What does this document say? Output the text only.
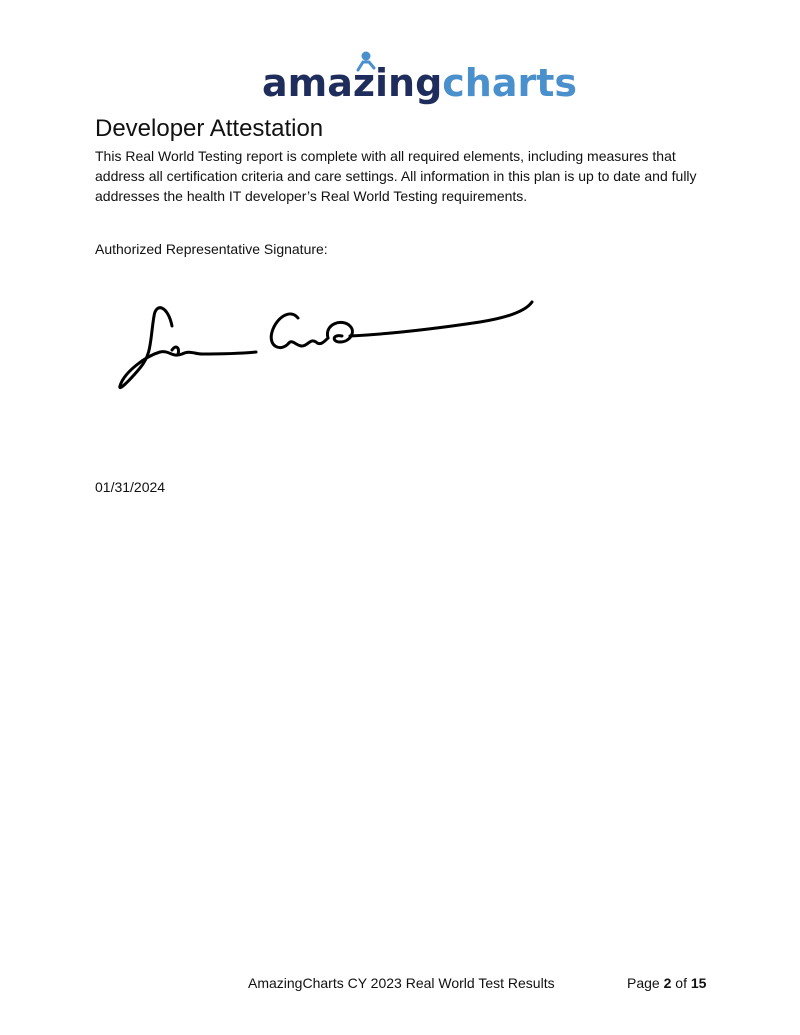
amazingcharts
Developer Attestation

This Real World Testing report is complete with all required elements, including measures that address all certification criteria and care settings. All information in this plan is up to date and fully addresses the health IT developer’s Real World Testing requirements.

Authorized Representative Signature:

01/31/2024

AmazingCharts CY 2023 Real World Test Results	Page 2 of 15
